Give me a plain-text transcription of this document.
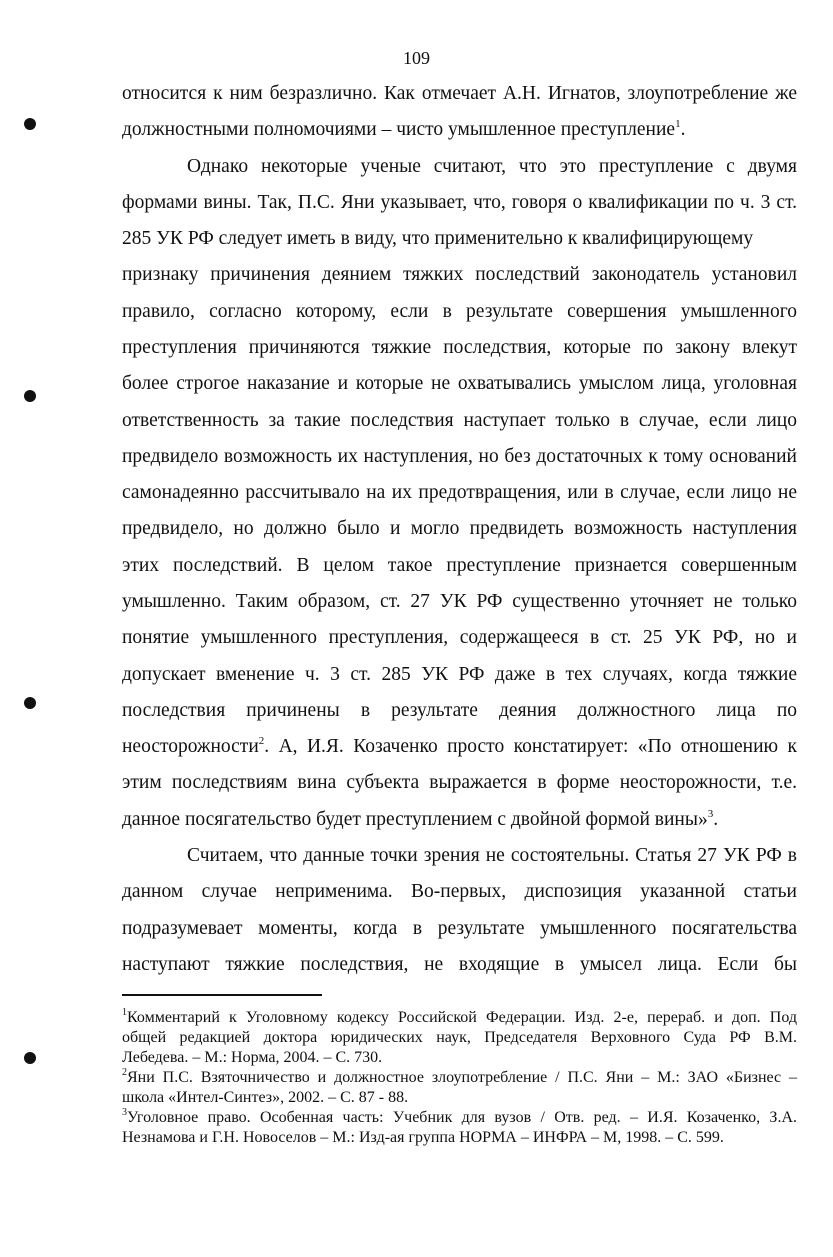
109
относится к ним безразлично. Как отмечает А.Н. Игнатов, злоупотребление же
должностными полномочиями – чисто умышленное преступление$^1$.
Однако некоторые ученые считают, что это преступление с двумя
формами вины. Так, П.С. Яни указывает, что, говоря о квалификации по ч. 3 ст.
285 УК РФ следует иметь в виду, что применительно к квалифицирующему
признаку причинения деянием тяжких последствий законодатель установил
правило, согласно которому, если в результате совершения умышленного
преступления причиняются тяжкие последствия, которые по закону влекут
более строгое наказание и которые не охватывались умыслом лица, уголовная
ответственность за такие последствия наступает только в случае, если лицо
предвидело возможность их наступления, но без достаточных к тому оснований
самонадеянно рассчитывало на их предотвращения, или в случае, если лицо не
предвидело, но должно было и могло предвидеть возможность наступления
этих последствий. В целом такое преступление признается совершенным
умышленно. Таким образом, ст. 27 УК РФ существенно уточняет не только
понятие умышленного преступления, содержащееся в ст. 25 УК РФ, но и
допускает вменение ч. 3 ст. 285 УК РФ даже в тех случаях, когда тяжкие
последствия причинены в результате деяния должностного лица по
неосторожности$^2$. А, И.Я. Козаченко просто констатирует: «По отношению к
этим последствиям вина субъекта выражается в форме неосторожности, т.е.
данное посягательство будет преступлением с двойной формой вины»$^3$.
Считаем, что данные точки зрения не состоятельны. Статья 27 УК РФ в
данном случае неприменима. Во-первых, диспозиция указанной статьи
подразумевает моменты, когда в результате умышленного посягательства
наступают тяжкие последствия, не входящие в умысел лица. Если бы
$^1$Комментарий к Уголовному кодексу Российской Федерации. Изд. 2-е, перераб. и доп. Под
общей редакцией доктора юридических наук, Председателя Верховного Суда РФ В.М.
Лебедева. – М.: Норма, 2004. – С. 730.
$^2$Яни П.С. Взяточничество и должностное злоупотребление / П.С. Яни – М.: ЗАО «Бизнес –
школа «Интел-Синтез», 2002. – С. 87 - 88.
$^3$Уголовное право. Особенная часть: Учебник для вузов / Отв. ред. – И.Я. Козаченко, З.А.
Незнамова и Г.Н. Новоселов – М.: Изд-ая группа НОРМА – ИНФРА – М, 1998. – С. 599.
